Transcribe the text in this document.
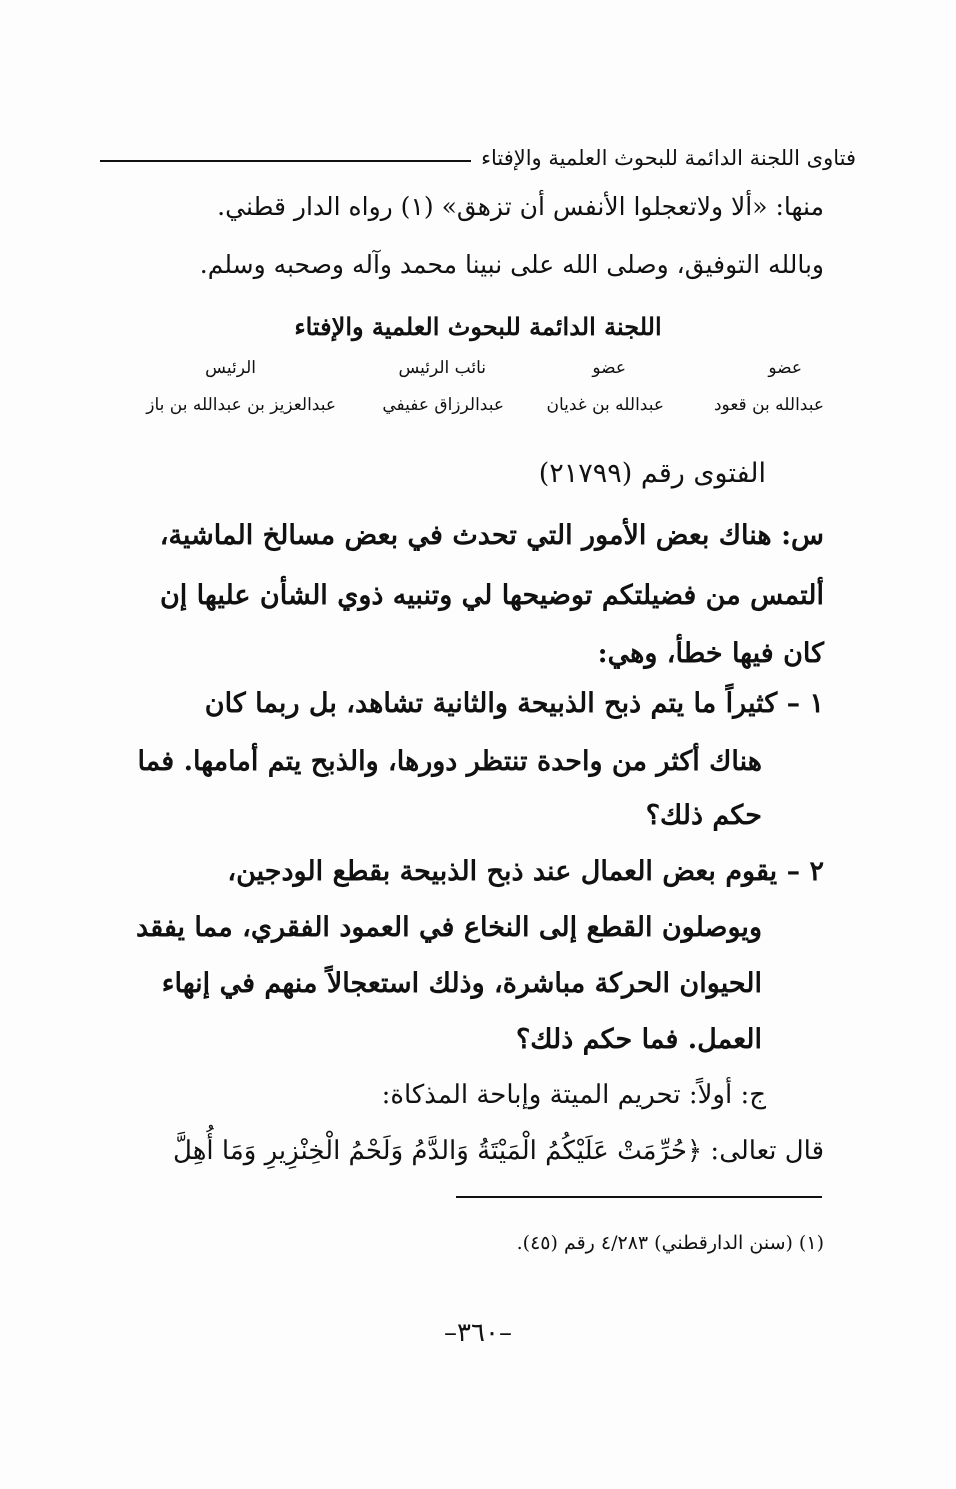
فتاوى اللجنة الدائمة للبحوث العلمية والإفتاء
منها: «ألا ولاتعجلوا الأنفس أن تزهق» (١) رواه الدار قطني.
وبالله التوفيق، وصلى الله على نبينا محمد وآله وصحبه وسلم.
اللجنة الدائمة للبحوث العلمية والإفتاء
عضو
عضو
نائب الرئيس
الرئيس
عبدالله بن قعود
عبدالله بن غديان
عبدالرزاق عفيفي
عبدالعزيز بن عبدالله بن باز
الفتوى رقم (٢١٧٩٩)
س: هناك بعض الأمور التي تحدث في بعض مسالخ الماشية،
ألتمس من فضيلتكم توضيحها لي وتنبيه ذوي الشأن عليها إن
كان فيها خطأ، وهي:
١ – كثيراً ما يتم ذبح الذبيحة والثانية تشاهد، بل ربما كان
هناك أكثر من واحدة تنتظر دورها، والذبح يتم أمامها. فما
حكم ذلك؟
٢ – يقوم بعض العمال عند ذبح الذبيحة بقطع الودجين،
ويوصلون القطع إلى النخاع في العمود الفقري، مما يفقد
الحيوان الحركة مباشرة، وذلك استعجالاً منهم في إنهاء
العمل. فما حكم ذلك؟
ج: أولاً: تحريم الميتة وإباحة المذكاة:
قال تعالى: ﴿حُرِّمَتْ عَلَيْكُمُ الْمَيْتَةُ وَالدَّمُ وَلَحْمُ الْخِنْزِيرِ وَمَا أُهِلَّ
(١) (سنن الدارقطني) ٤/٢٨٣ رقم (٤٥).
–٣٦٠–
